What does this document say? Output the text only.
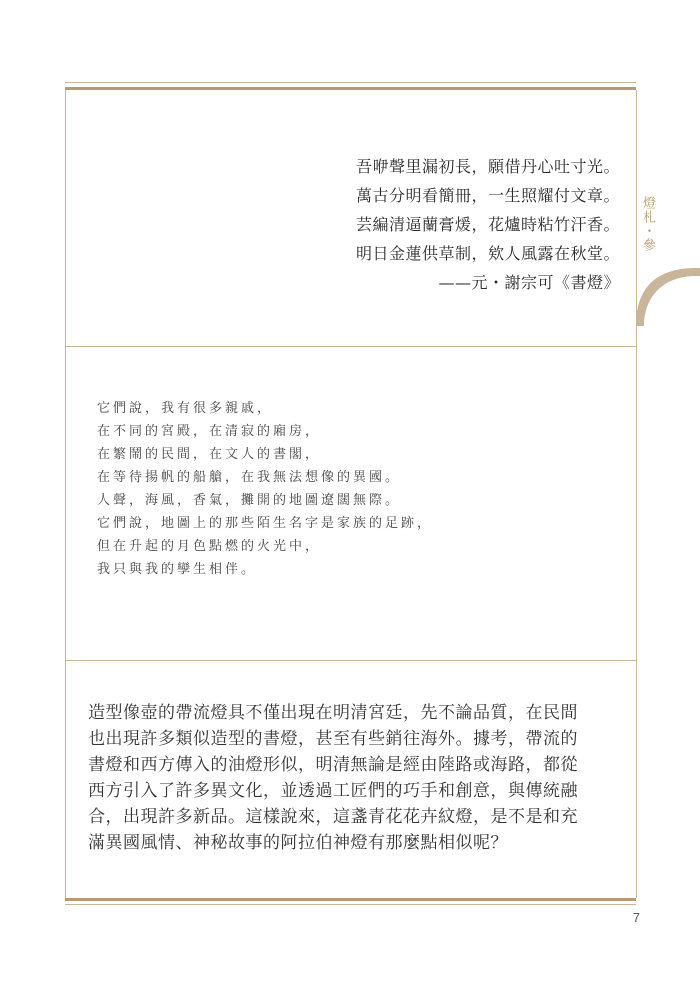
燈札・參
吾咿聲里漏初長，願借丹心吐寸光。
萬古分明看簡冊，一生照耀付文章。
芸編清逼蘭膏煖，花爐時粘竹汗香。
明日金蓮供草制，欸人風露在秋堂。
——元・謝宗可《書燈》
它們說，我有很多親戚，
在不同的宮殿，在清寂的廂房，
在繁鬧的民間，在文人的書閣，
在等待揚帆的船艙，在我無法想像的異國。
人聲，海風，香氣，攤開的地圖遼闊無際。
它們說，地圖上的那些陌生名字是家族的足跡，
但在升起的月色點燃的火光中，
我只與我的孿生相伴。
造型像壺的帶流燈具不僅出現在明清宮廷，先不論品質，在民間
也出現許多類似造型的書燈，甚至有些銷往海外。據考，帶流的
書燈和西方傳入的油燈形似，明清無論是經由陸路或海路，都從
西方引入了許多異文化，並透過工匠們的巧手和創意，與傳統融
合，出現許多新品。這樣說來，這盞青花花卉紋燈，是不是和充
滿異國風情、神秘故事的阿拉伯神燈有那麼點相似呢？
7
